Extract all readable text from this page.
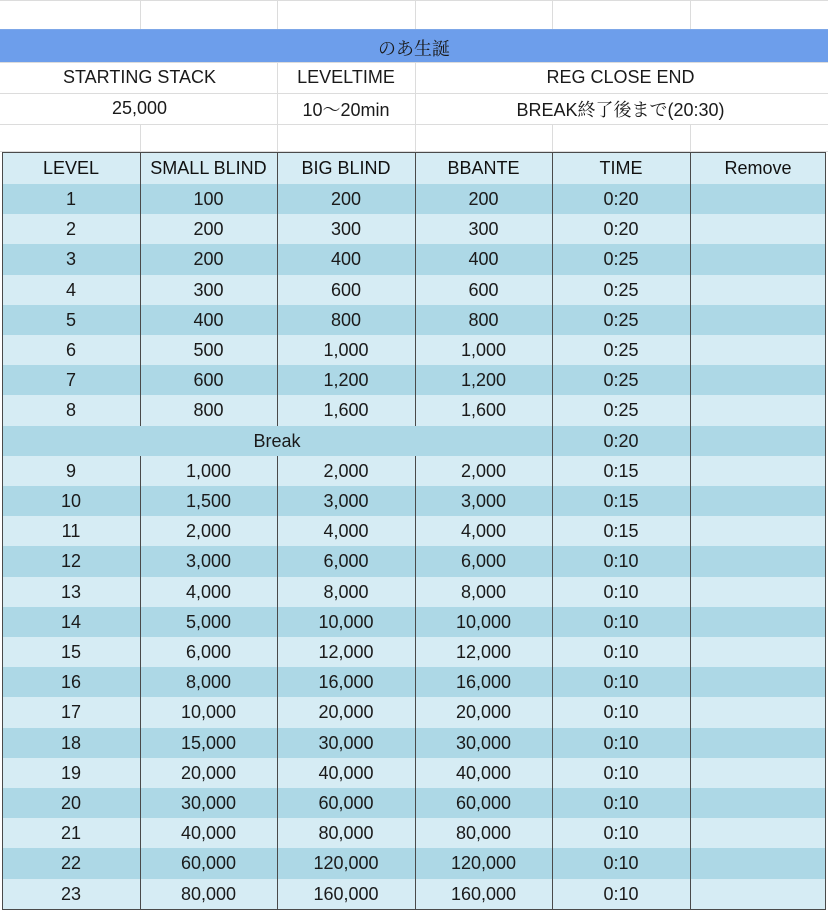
のあ生誕
STARTING STACK
25,000
LEVELTIME
10〜20min
REG CLOSE END
BREAK終了後まで(20:30)
LEVEL	SMALL BLIND	BIG BLIND	BBANTE	TIME	Remove
1	100	200	200	0:20
2	200	300	300	0:20
3	200	400	400	0:25
4	300	600	600	0:25
5	400	800	800	0:25
6	500	1,000	1,000	0:25
7	600	1,200	1,200	0:25
8	800	1,600	1,600	0:25
Break	0:20
9	1,000	2,000	2,000	0:15
10	1,500	3,000	3,000	0:15
11	2,000	4,000	4,000	0:15
12	3,000	6,000	6,000	0:10
13	4,000	8,000	8,000	0:10
14	5,000	10,000	10,000	0:10
15	6,000	12,000	12,000	0:10
16	8,000	16,000	16,000	0:10
17	10,000	20,000	20,000	0:10
18	15,000	30,000	30,000	0:10
19	20,000	40,000	40,000	0:10
20	30,000	60,000	60,000	0:10
21	40,000	80,000	80,000	0:10
22	60,000	120,000	120,000	0:10
23	80,000	160,000	160,000	0:10
